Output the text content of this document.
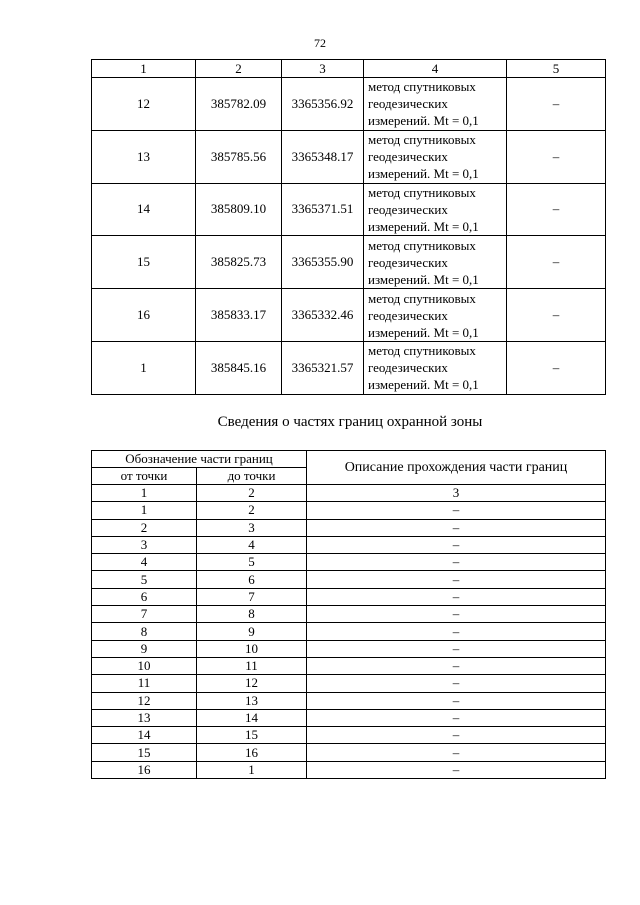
72
1	2	3	4	5
12	385782.09	3365356.92	метод спутниковых
геодезических
измерений. Mt = 0,1	–
13	385785.56	3365348.17	метод спутниковых
геодезических
измерений. Mt = 0,1	–
14	385809.10	3365371.51	метод спутниковых
геодезических
измерений. Mt = 0,1	–
15	385825.73	3365355.90	метод спутниковых
геодезических
измерений. Mt = 0,1	–
16	385833.17	3365332.46	метод спутниковых
геодезических
измерений. Mt = 0,1	–
1	385845.16	3365321.57	метод спутниковых
геодезических
измерений. Mt = 0,1	–
Сведения о частях границ охранной зоны
Обозначение части границ		Описание прохождения части границ
от точки	до точки	
1	2	3
1	2	–
2	3	–
3	4	–
4	5	–
5	6	–
6	7	–
7	8	–
8	9	–
9	10	–
10	11	–
11	12	–
12	13	–
13	14	–
14	15	–
15	16	–
16	1	–
